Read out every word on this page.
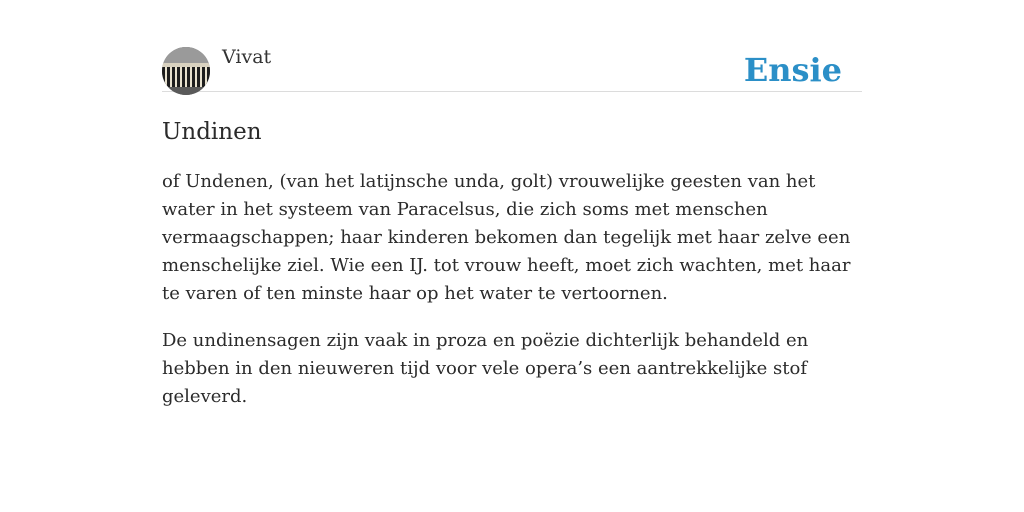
Vivat	Ensie
Undinen

of Undenen, (van het latijnsche unda, golt) vrouwelijke geesten van het water in het systeem van Paracelsus, die zich soms met menschen vermaagschappen; haar kinderen bekomen dan tegelijk met haar zelve een menschelijke ziel. Wie een IJ. tot vrouw heeft, moet zich wachten, met haar te varen of ten minste haar op het water te vertoornen.

De undinensagen zijn vaak in proza en poëzie dichterlijk behandeld en hebben in den nieuweren tijd voor vele opera’s een aantrekkelijke stof geleverd.
